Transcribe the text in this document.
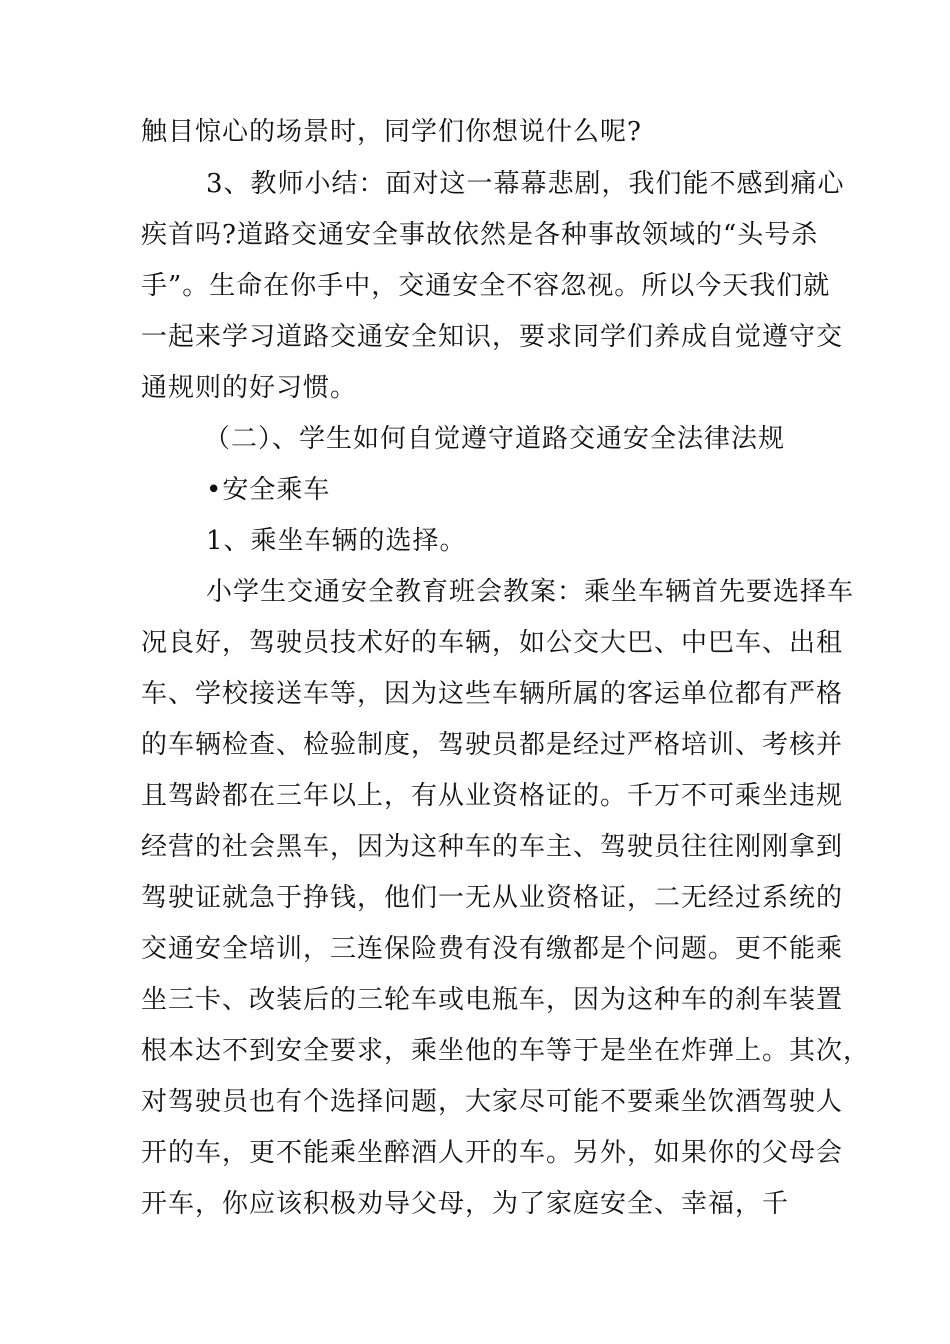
触目惊心的场景时，同学们你想说什么呢?
3、教师小结：面对这一幕幕悲剧，我们能不感到痛心
疾首吗?道路交通安全事故依然是各种事故领域的“头号杀
手”。生命在你手中，交通安全不容忽视。所以今天我们就
一起来学习道路交通安全知识，要求同学们养成自觉遵守交
通规则的好习惯。
（二）、学生如何自觉遵守道路交通安全法律法规
•安全乘车
1、乘坐车辆的选择。
小学生交通安全教育班会教案：乘坐车辆首先要选择车
况良好，驾驶员技术好的车辆，如公交大巴、中巴车、出租
车、学校接送车等，因为这些车辆所属的客运单位都有严格
的车辆检查、检验制度，驾驶员都是经过严格培训、考核并
且驾龄都在三年以上，有从业资格证的。千万不可乘坐违规
经营的社会黑车，因为这种车的车主、驾驶员往往刚刚拿到
驾驶证就急于挣钱，他们一无从业资格证，二无经过系统的
交通安全培训，三连保险费有没有缴都是个问题。更不能乘
坐三卡、改装后的三轮车或电瓶车，因为这种车的刹车装置
根本达不到安全要求，乘坐他的车等于是坐在炸弹上。其次，
对驾驶员也有个选择问题，大家尽可能不要乘坐饮酒驾驶人
开的车，更不能乘坐醉酒人开的车。另外，如果你的父母会
开车，你应该积极劝导父母，为了家庭安全、幸福，千
